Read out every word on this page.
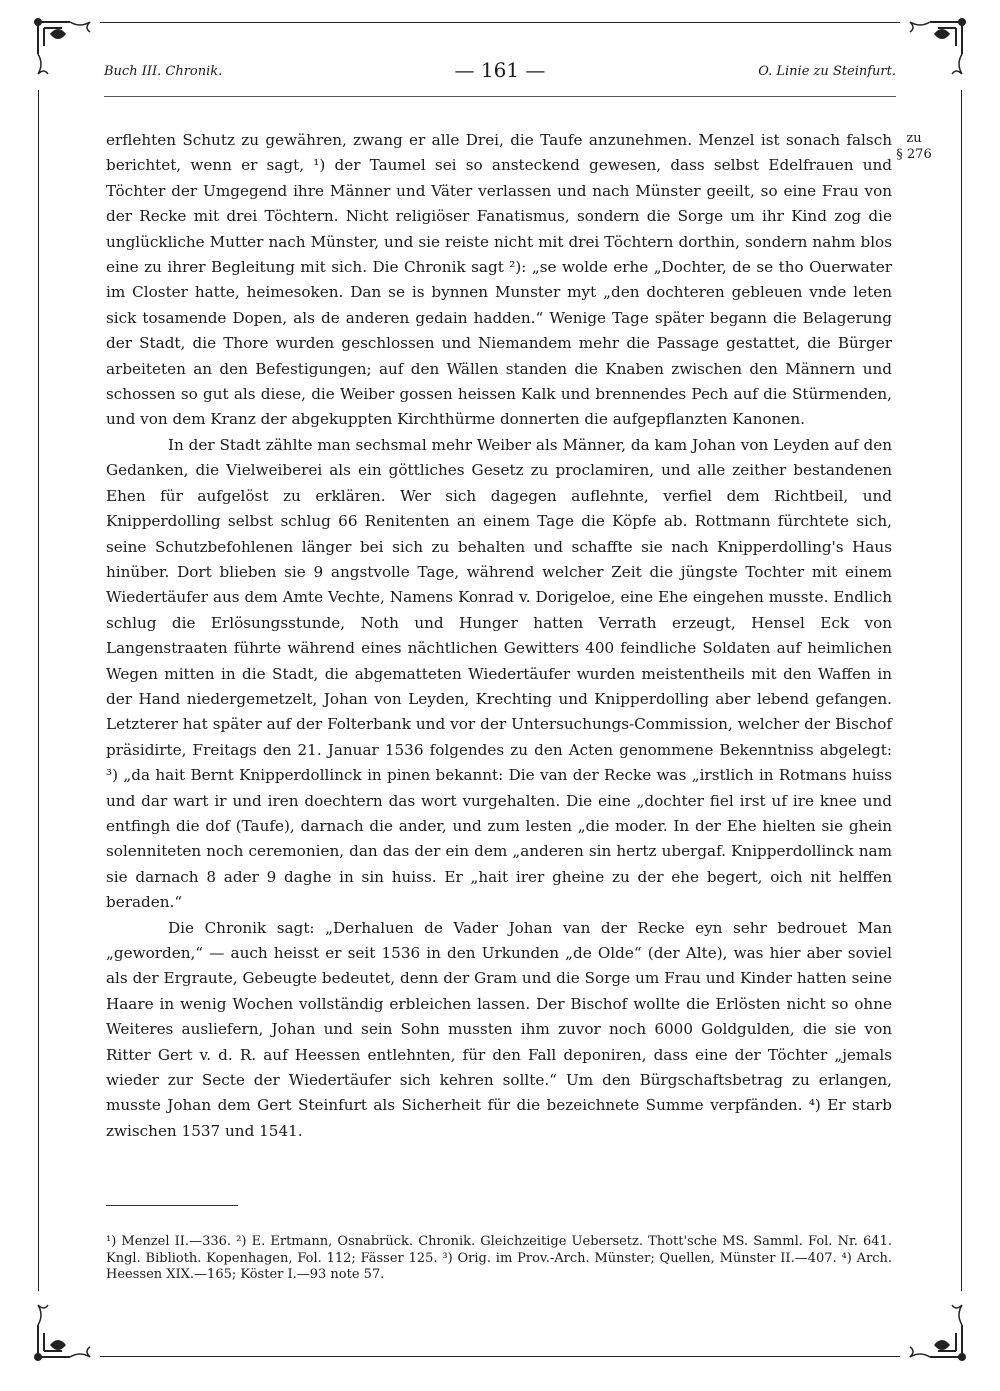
Buch III. Chronik.	— 161 —	O. Linie zu Steinfurt.
zu
§ 276

erflehten Schutz zu gewähren, zwang er alle Drei, die Taufe anzunehmen. Menzel ist sonach falsch berichtet, wenn er sagt, ¹) der Taumel sei so ansteckend gewesen, dass selbst Edelfrauen und Töchter der Umgegend ihre Männer und Väter verlassen und nach Münster geeilt, so eine Frau von der Recke mit drei Töchtern. Nicht religiöser Fanatismus, sondern die Sorge um ihr Kind zog die unglückliche Mutter nach Münster, und sie reiste nicht mit drei Töchtern dorthin, sondern nahm blos eine zu ihrer Begleitung mit sich. Die Chronik sagt ²): „se wolde erhe „Dochter, de se tho Ouerwater im Closter hatte, heimesoken. Dan se is bynnen Munster myt „den dochteren gebleuen vnde leten sick tosamende Dopen, als de anderen gedain hadden.“ Wenige Tage später begann die Belagerung der Stadt, die Thore wurden geschlossen und Niemandem mehr die Passage gestattet, die Bürger arbeiteten an den Befestigungen; auf den Wällen standen die Knaben zwischen den Männern und schossen so gut als diese, die Weiber gossen heissen Kalk und brennendes Pech auf die Stürmenden, und von dem Kranz der abgekuppten Kirchthürme donnerten die aufgepflanzten Kanonen.

In der Stadt zählte man sechsmal mehr Weiber als Männer, da kam Johan von Leyden auf den Gedanken, die Vielweiberei als ein göttliches Gesetz zu proclamiren, und alle zeither bestandenen Ehen für aufgelöst zu erklären. Wer sich dagegen auflehnte, verfiel dem Richtbeil, und Knipperdolling selbst schlug 66 Renitenten an einem Tage die Köpfe ab. Rottmann fürchtete sich, seine Schutzbefohlenen länger bei sich zu behalten und schaffte sie nach Knipperdolling's Haus hinüber. Dort blieben sie 9 angstvolle Tage, während welcher Zeit die jüngste Tochter mit einem Wiedertäufer aus dem Amte Vechte, Namens Konrad v. Dorigeloe, eine Ehe eingehen musste. Endlich schlug die Erlösungsstunde, Noth und Hunger hatten Verrath erzeugt, Hensel Eck von Langenstraaten führte während eines nächtlichen Gewitters 400 feindliche Soldaten auf heimlichen Wegen mitten in die Stadt, die abgematteten Wiedertäufer wurden meistentheils mit den Waffen in der Hand niedergemetzelt, Johan von Leyden, Krechting und Knipperdolling aber lebend gefangen. Letzterer hat später auf der Folterbank und vor der Untersuchungs-Commission, welcher der Bischof präsidirte, Freitags den 21. Januar 1536 folgendes zu den Acten genommene Bekenntniss abgelegt: ³) „da hait Bernt Knipperdollinck in pinen bekannt: Die van der Recke was „irstlich in Rotmans huiss und dar wart ir und iren doechtern das wort vurgehalten. Die eine „dochter fiel irst uf ire knee und entfingh die dof (Taufe), darnach die ander, und zum lesten „die moder. In der Ehe hielten sie ghein solenniteten noch ceremonien, dan das der ein dem „anderen sin hertz ubergaf. Knipperdollinck nam sie darnach 8 ader 9 daghe in sin huiss. Er „hait irer gheine zu der ehe begert, oich nit helffen beraden.“

Die Chronik sagt: „Derhaluen de Vader Johan van der Recke eyn sehr bedrouet Man „geworden,“ — auch heisst er seit 1536 in den Urkunden „de Olde“ (der Alte), was hier aber soviel als der Ergraute, Gebeugte bedeutet, denn der Gram und die Sorge um Frau und Kinder hatten seine Haare in wenig Wochen vollständig erbleichen lassen. Der Bischof wollte die Erlösten nicht so ohne Weiteres ausliefern, Johan und sein Sohn mussten ihm zuvor noch 6000 Goldgulden, die sie von Ritter Gert v. d. R. auf Heessen entlehnten, für den Fall deponiren, dass eine der Töchter „jemals wieder zur Secte der Wiedertäufer sich kehren sollte.“ Um den Bürgschaftsbetrag zu erlangen, musste Johan dem Gert Steinfurt als Sicherheit für die bezeichnete Summe verpfänden. ⁴) Er starb zwischen 1537 und 1541.

¹) Menzel II.—336. ²) E. Ertmann, Osnabrück. Chronik. Gleichzeitige Uebersetz. Thott'sche MS. Samml. Fol. Nr. 641. Kngl. Biblioth. Kopenhagen, Fol. 112; Fässer 125. ³) Orig. im Prov.-Arch. Münster; Quellen, Münster II.—407. ⁴) Arch. Heessen XIX.—165; Köster I.—93 note 57.
